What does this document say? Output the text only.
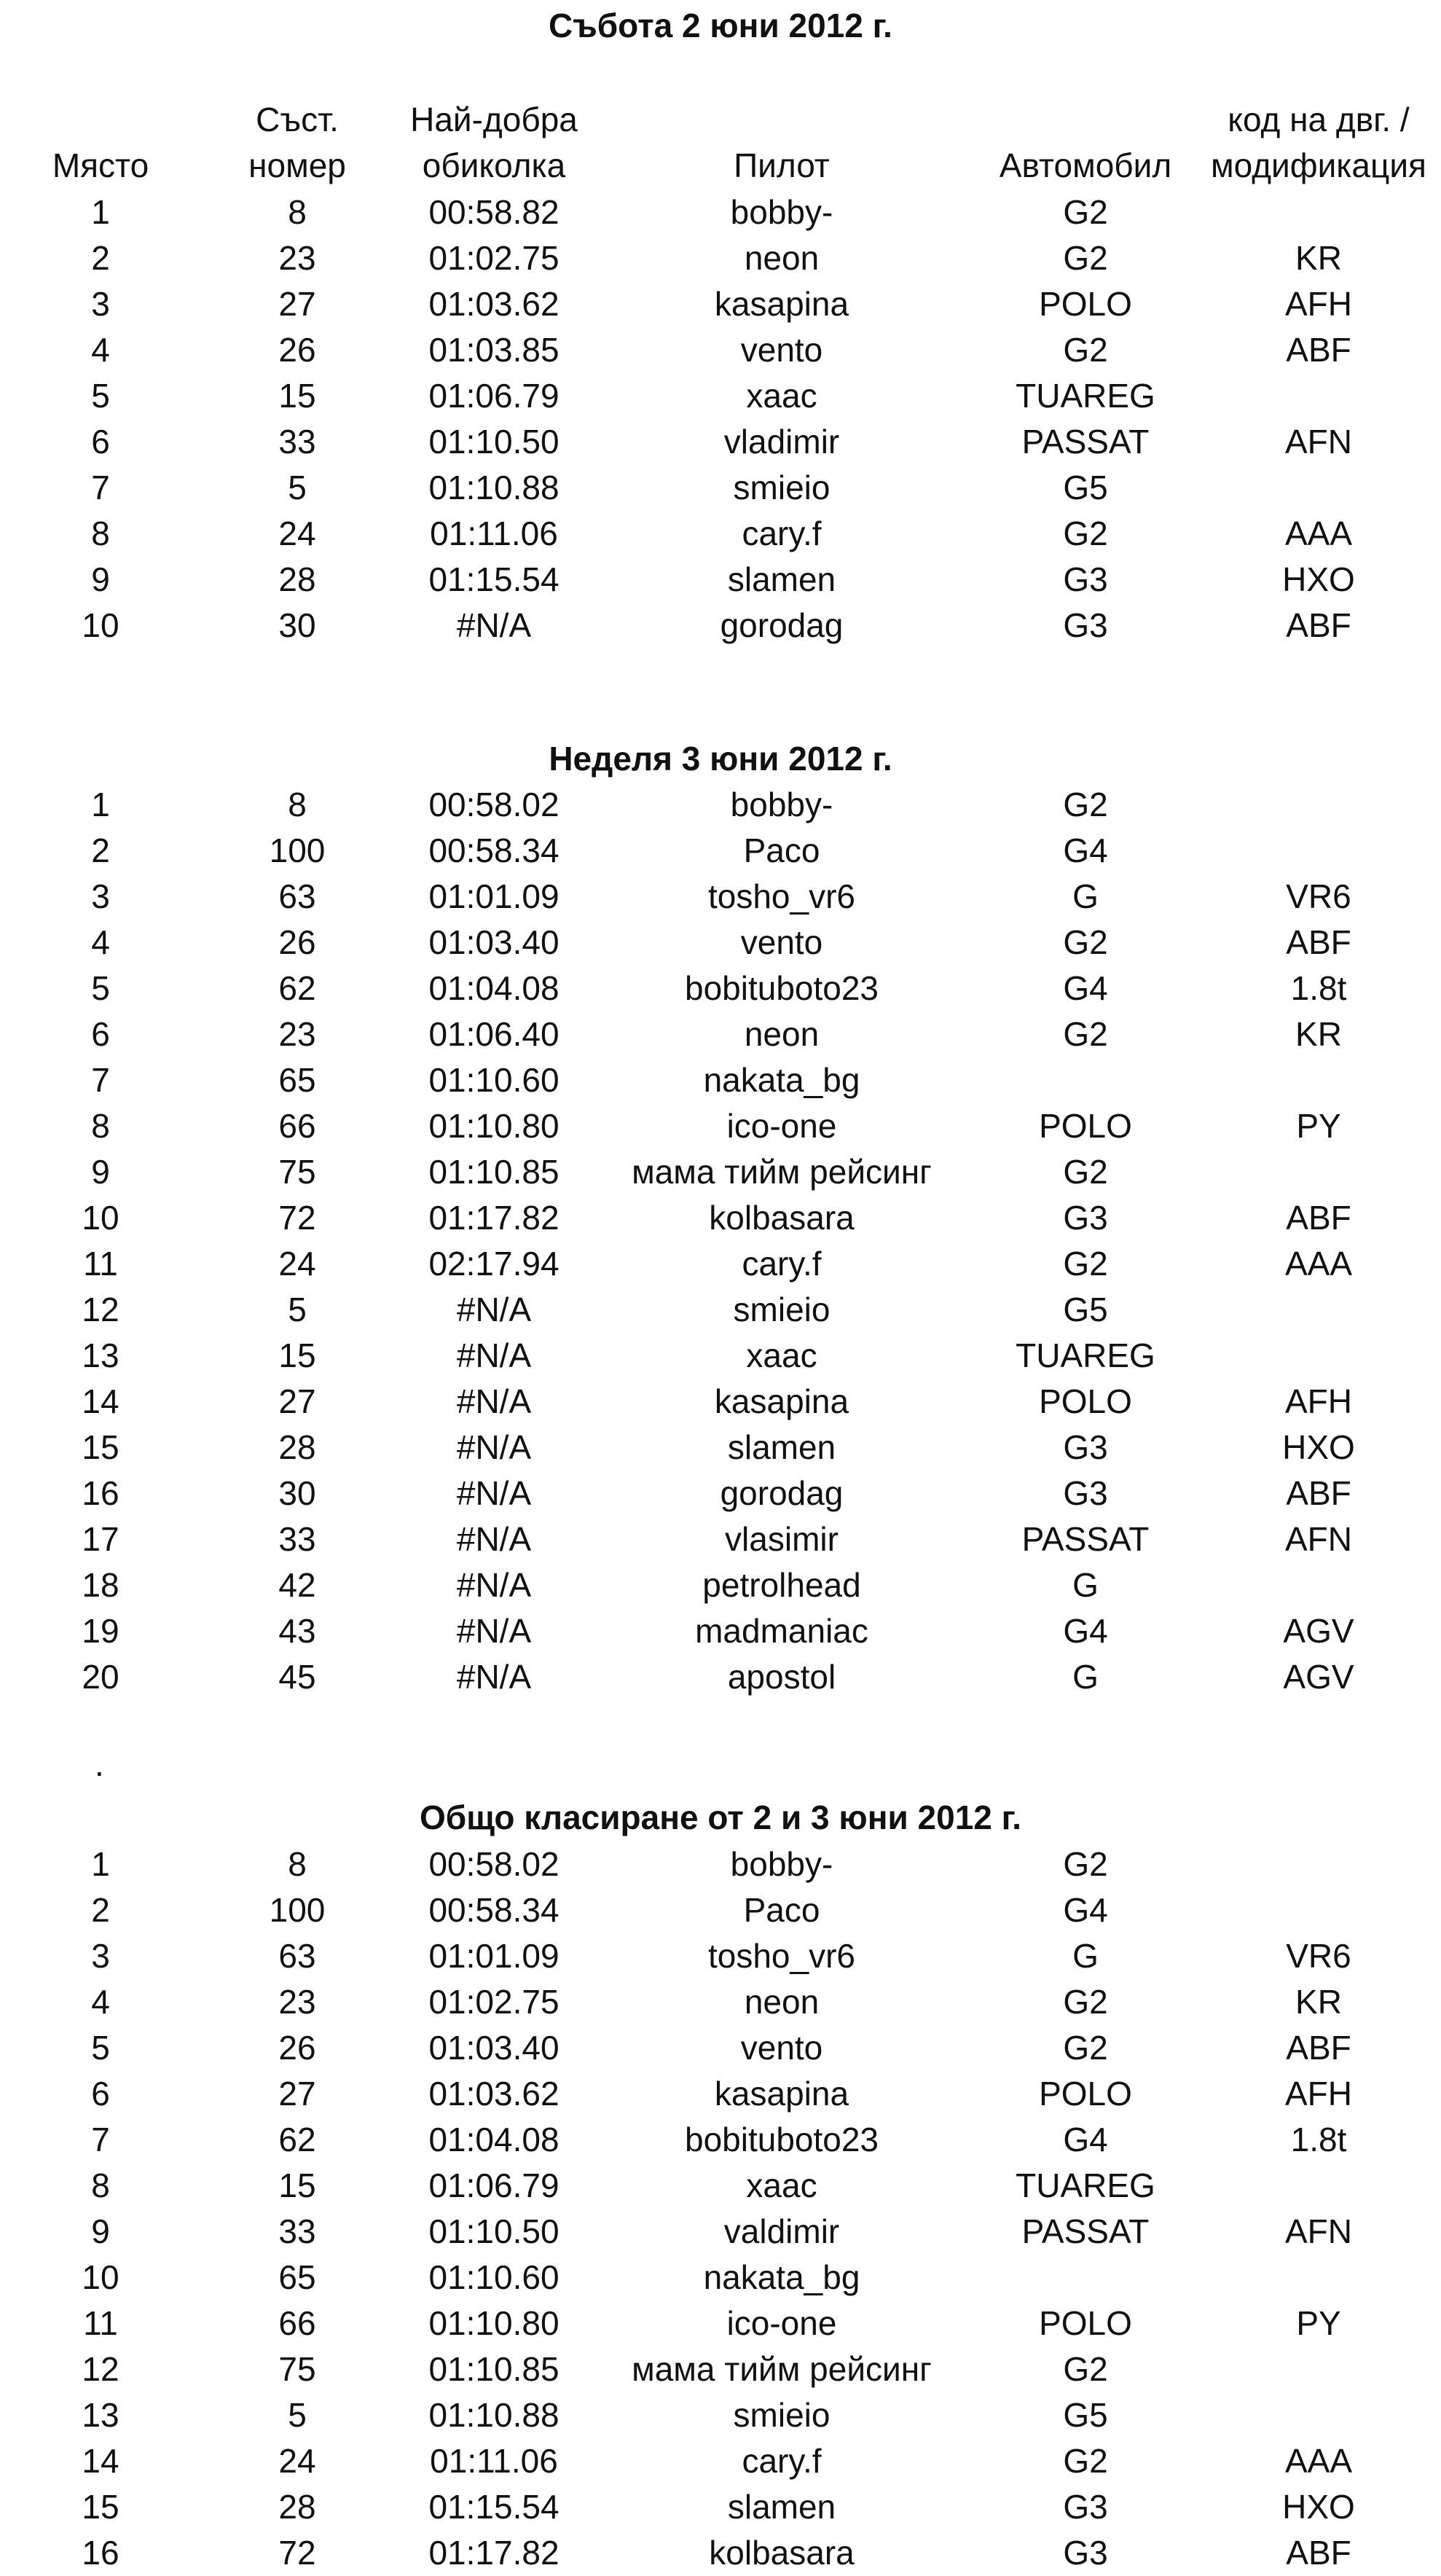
Събота 2 юни 2012 г.
Съст.	Най-добра	код на двг. /
Място	номер	обиколка	Пилот	Автомобил	модификация
1	8	00:58.82	bobby-	G2
2	23	01:02.75	neon	G2	KR
3	27	01:03.62	kasapina	POLO	AFH
4	26	01:03.85	vento	G2	ABF
5	15	01:06.79	xaac	TUAREG
6	33	01:10.50	vladimir	PASSAT	AFN
7	5	01:10.88	smieio	G5
8	24	01:11.06	cary.f	G2	AAA
9	28	01:15.54	slamen	G3	HXO
10	30	#N/A	gorodag	G3	ABF
Неделя 3 юни 2012 г.
1	8	00:58.02	bobby-	G2
2	100	00:58.34	Paco	G4
3	63	01:01.09	tosho_vr6	G	VR6
4	26	01:03.40	vento	G2	ABF
5	62	01:04.08	bobituboto23	G4	1.8t
6	23	01:06.40	neon	G2	KR
7	65	01:10.60	nakata_bg
8	66	01:10.80	ico-one	POLO	PY
9	75	01:10.85	мама тийм рейсинг	G2
10	72	01:17.82	kolbasara	G3	ABF
11	24	02:17.94	cary.f	G2	AAA
12	5	#N/A	smieio	G5
13	15	#N/A	xaac	TUAREG
14	27	#N/A	kasapina	POLO	AFH
15	28	#N/A	slamen	G3	HXO
16	30	#N/A	gorodag	G3	ABF
17	33	#N/A	vlasimir	PASSAT	AFN
18	42	#N/A	petrolhead	G
19	43	#N/A	madmaniac	G4	AGV
20	45	#N/A	apostol	G	AGV
.
Общо класиране от 2 и 3 юни 2012 г.
1	8	00:58.02	bobby-	G2
2	100	00:58.34	Paco	G4
3	63	01:01.09	tosho_vr6	G	VR6
4	23	01:02.75	neon	G2	KR
5	26	01:03.40	vento	G2	ABF
6	27	01:03.62	kasapina	POLO	AFH
7	62	01:04.08	bobituboto23	G4	1.8t
8	15	01:06.79	xaac	TUAREG
9	33	01:10.50	valdimir	PASSAT	AFN
10	65	01:10.60	nakata_bg
11	66	01:10.80	ico-one	POLO	PY
12	75	01:10.85	мама тийм рейсинг	G2
13	5	01:10.88	smieio	G5
14	24	01:11.06	cary.f	G2	AAA
15	28	01:15.54	slamen	G3	HXO
16	72	01:17.82	kolbasara	G3	ABF
